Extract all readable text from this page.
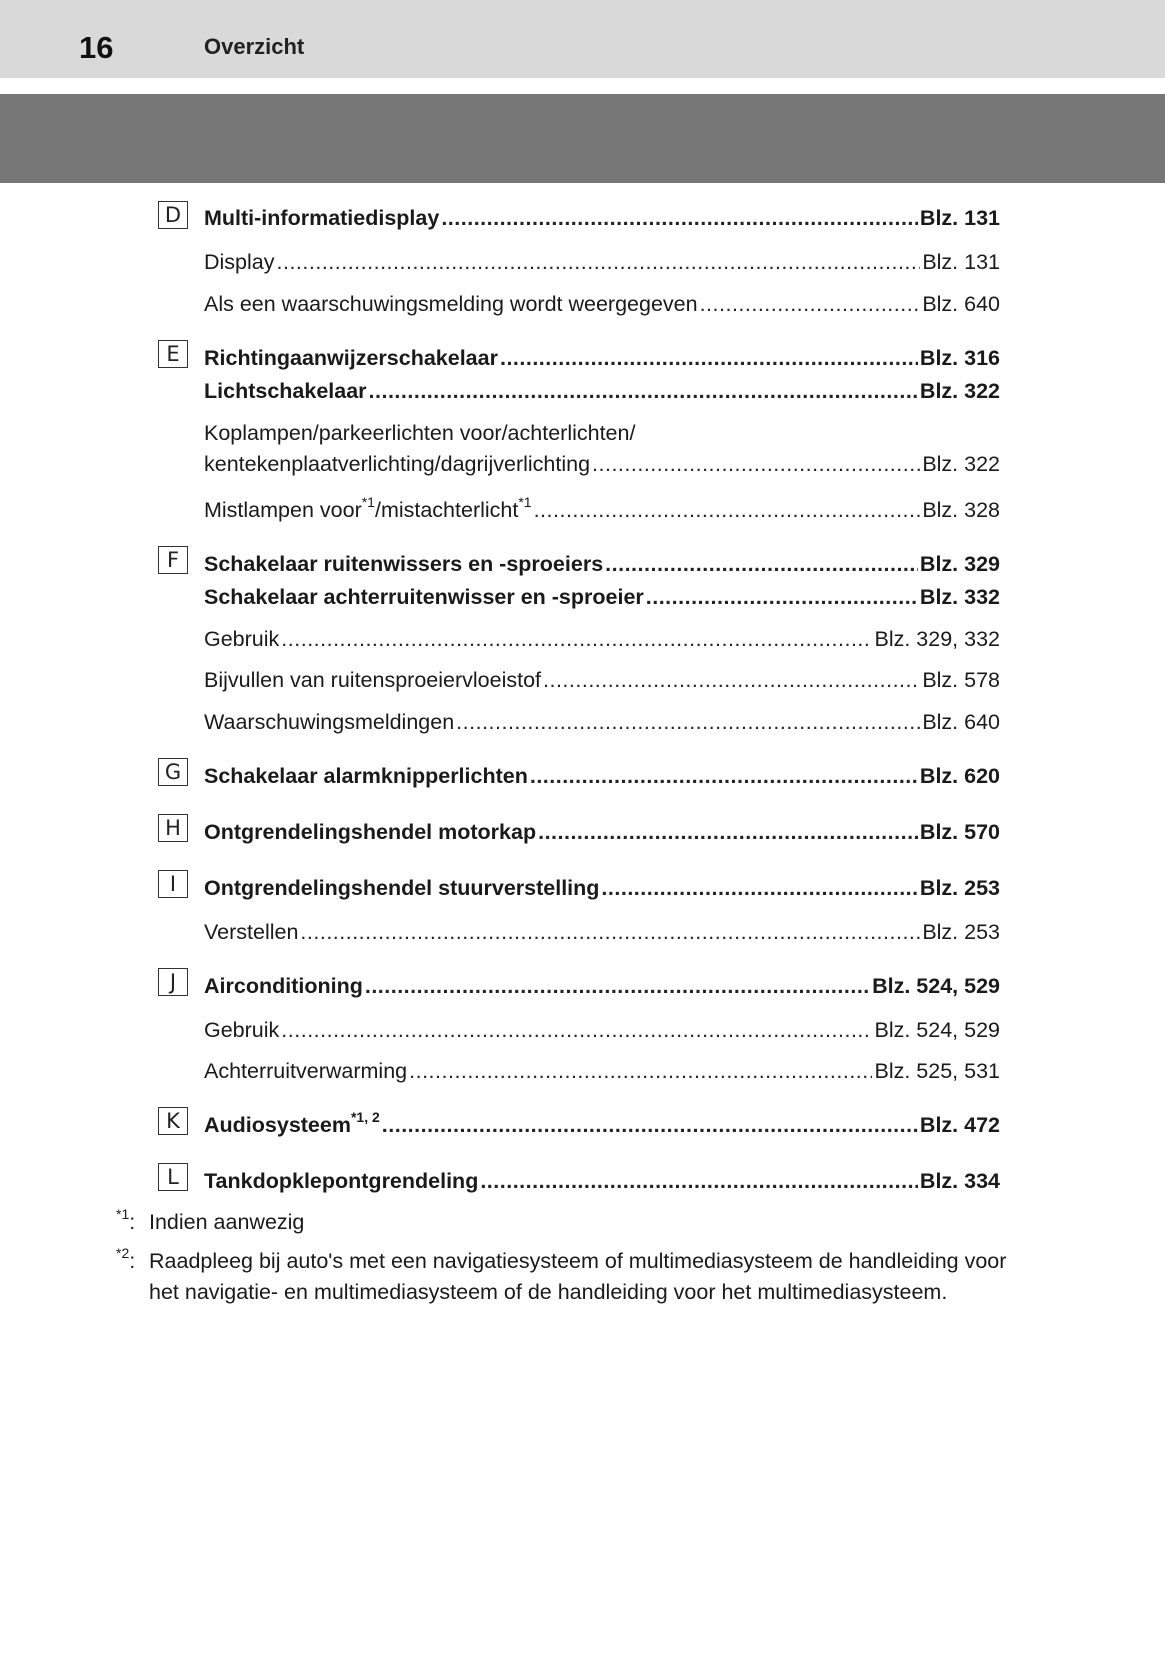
16	Overzicht
D	Multi-informatiedisplay .....	Blz. 131
Display .....	Blz. 131
Als een waarschuwingsmelding wordt weergegeven .....	Blz. 640
E	Richtingaanwijzerschakelaar .....	Blz. 316
Lichtschakelaar .....	Blz. 322
Koplampen/parkeerlichten voor/achterlichten/
kentekenplaatverlichting/dagrijverlichting .....	Blz. 322
Mistlampen voor$^{*1}$/mistachterlicht$^{*1}$ .....	Blz. 328
F	Schakelaar ruitenwissers en -sproeiers .....	Blz. 329
Schakelaar achterruitenwisser en -sproeier .....	Blz. 332
Gebruik .....	Blz. 329, 332
Bijvullen van ruitensproeiervloeistof .....	Blz. 578
Waarschuwingsmeldingen .....	Blz. 640
G	Schakelaar alarmknipperlichten .....	Blz. 620
H	Ontgrendelingshendel motorkap .....	Blz. 570
I	Ontgrendelingshendel stuurverstelling .....	Blz. 253
Verstellen .....	Blz. 253
J	Airconditioning .....	Blz. 524, 529
Gebruik .....	Blz. 524, 529
Achterruitverwarming .....	Blz. 525, 531
K	Audiosysteem$^{*1, 2}$ .....	Blz. 472
L	Tankdopklepontgrendeling .....	Blz. 334
$^{*1}$: Indien aanwezig
$^{*2}$: Raadpleeg bij auto's met een navigatiesysteem of multimediasysteem de handleiding voor
het navigatie- en multimediasysteem of de handleiding voor het multimediasysteem.
